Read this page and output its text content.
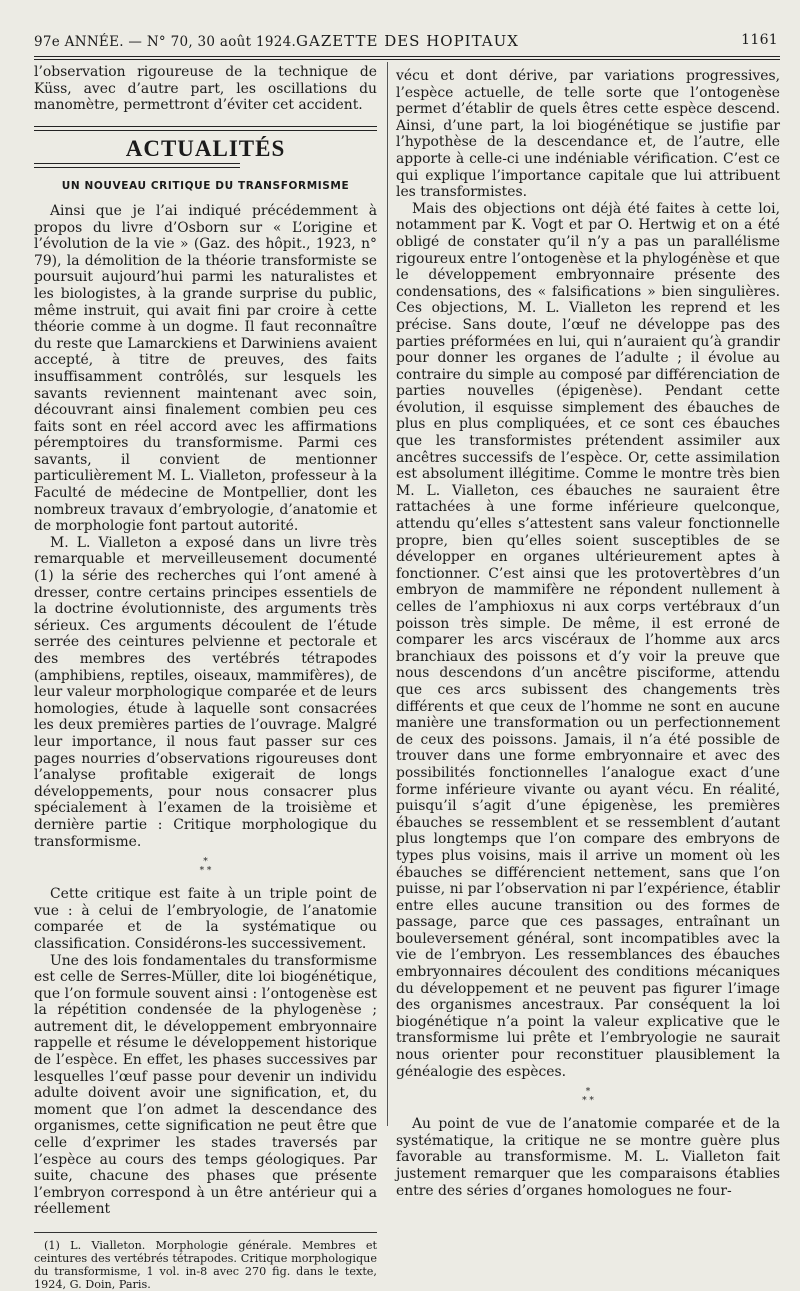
97e ANNÉE. — N° 70, 30 août 1924. GAZETTE DES HOPITAUX	1161

l’observation rigoureuse de la technique de Küss, avec d’autre part, les oscillations du manomètre, permettront d’éviter cet accident.

ACTUALITÉS
UN NOUVEAU CRITIQUE DU TRANSFORMISME

Ainsi que je l’ai indiqué précédemment à propos du livre d’Osborn sur « L’origine et l’évolution de la vie » (Gaz. des hôpit., 1923, n° 79), la démolition de la théorie transformiste se poursuit aujourd’hui parmi les naturalistes et les biologistes, à la grande surprise du public, même instruit, qui avait fini par croire à cette théorie comme à un dogme. Il faut reconnaître du reste que Lamarckiens et Darwiniens avaient accepté, à titre de preuves, des faits insuffisamment contrôlés, sur lesquels les savants reviennent maintenant avec soin, découvrant ainsi finalement combien peu ces faits sont en réel accord avec les affirmations péremptoires du transformisme. Parmi ces savants, il convient de mentionner particulièrement M. L. Vialleton, professeur à la Faculté de médecine de Montpellier, dont les nombreux travaux d’embryologie, d’anatomie et de morphologie font partout autorité.

M. L. Vialleton a exposé dans un livre très remarquable et merveilleusement documenté (1) la série des recherches qui l’ont amené à dresser, contre certains principes essentiels de la doctrine évolutionniste, des arguments très sérieux. Ces arguments découlent de l’étude serrée des ceintures pelvienne et pectorale et des membres des vertébrés tétrapodes (amphibiens, reptiles, oiseaux, mammifères), de leur valeur morphologique comparée et de leurs homologies, étude à laquelle sont consacrées les deux premières parties de l’ouvrage. Malgré leur importance, il nous faut passer sur ces pages nourries d’observations rigoureuses dont l’analyse profitable exigerait de longs développements, pour nous consacrer plus spécialement à l’examen de la troisième et dernière partie : Critique morphologique du transformisme.

*
* *

Cette critique est faite à un triple point de vue : à celui de l’embryologie, de l’anatomie comparée et de la systématique ou classification. Considérons-les successivement.

Une des lois fondamentales du transformisme est celle de Serres-Müller, dite loi biogénétique, que l’on formule souvent ainsi : l’ontogenèse est la répétition condensée de la phylogenèse ; autrement dit, le développement embryonnaire rappelle et résume le développement historique de l’espèce. En effet, les phases successives par lesquelles l’œuf passe pour devenir un individu adulte doivent avoir une signification, et, du moment que l’on admet la descendance des organismes, cette signification ne peut être que celle d’exprimer les stades traversés par l’espèce au cours des temps géologiques. Par suite, chacune des phases que présente l’embryon correspond à un être antérieur qui a réellement

(1) L. Vialleton. Morphologie générale. Membres et ceintures des vertébrés tétrapodes. Critique morphologique du transformisme, 1 vol. in-8 avec 270 fig. dans le texte, 1924, G. Doin, Paris.

vécu et dont dérive, par variations progressives, l’espèce actuelle, de telle sorte que l’ontogenèse permet d’établir de quels êtres cette espèce descend. Ainsi, d’une part, la loi biogénétique se justifie par l’hypothèse de la descendance et, de l’autre, elle apporte à celle-ci une indéniable vérification. C’est ce qui explique l’importance capitale que lui attribuent les transformistes.

Mais des objections ont déjà été faites à cette loi, notamment par K. Vogt et par O. Hertwig et on a été obligé de constater qu’il n’y a pas un parallélisme rigoureux entre l’ontogenèse et la phylogénèse et que le développement embryonnaire présente des condensations, des « falsifications » bien singulières. Ces objections, M. L. Vialleton les reprend et les précise. Sans doute, l’œuf ne développe pas des parties préformées en lui, qui n’auraient qu’à grandir pour donner les organes de l’adulte ; il évolue au contraire du simple au composé par différenciation de parties nouvelles (épigenèse). Pendant cette évolution, il esquisse simplement des ébauches de plus en plus compliquées, et ce sont ces ébauches que les transformistes prétendent assimiler aux ancêtres successifs de l’espèce. Or, cette assimilation est absolument illégitime. Comme le montre très bien M. L. Vialleton, ces ébauches ne sauraient être rattachées à une forme inférieure quelconque, attendu qu’elles s’attestent sans valeur fonctionnelle propre, bien qu’elles soient susceptibles de se développer en organes ultérieurement aptes à fonctionner. C’est ainsi que les protovertèbres d’un embryon de mammifère ne répondent nullement à celles de l’amphioxus ni aux corps vertébraux d’un poisson très simple. De même, il est erroné de comparer les arcs viscéraux de l’homme aux arcs branchiaux des poissons et d’y voir la preuve que nous descendons d’un ancêtre pisciforme, attendu que ces arcs subissent des changements très différents et que ceux de l’homme ne sont en aucune manière une transformation ou un perfectionnement de ceux des poissons. Jamais, il n’a été possible de trouver dans une forme embryonnaire et avec des possibilités fonctionnelles l’analogue exact d’une forme inférieure vivante ou ayant vécu. En réalité, puisqu’il s’agit d’une épigenèse, les premières ébauches se ressemblent et se ressemblent d’autant plus longtemps que l’on compare des embryons de types plus voisins, mais il arrive un moment où les ébauches se différencient nettement, sans que l’on puisse, ni par l’observation ni par l’expérience, établir entre elles aucune transition ou des formes de passage, parce que ces passages, entraînant un bouleversement général, sont incompatibles avec la vie de l’embryon. Les ressemblances des ébauches embryonnaires découlent des conditions mécaniques du développement et ne peuvent pas figurer l’image des organismes ancestraux. Par conséquent la loi biogénétique n’a point la valeur explicative que le transformisme lui prête et l’embryologie ne saurait nous orienter pour reconstituer plausiblement la généalogie des espèces.

*
* *

Au point de vue de l’anatomie comparée et de la systématique, la critique ne se montre guère plus favorable au transformisme. M. L. Vialleton fait justement remarquer que les comparaisons établies entre des séries d’organes homologues ne four-
